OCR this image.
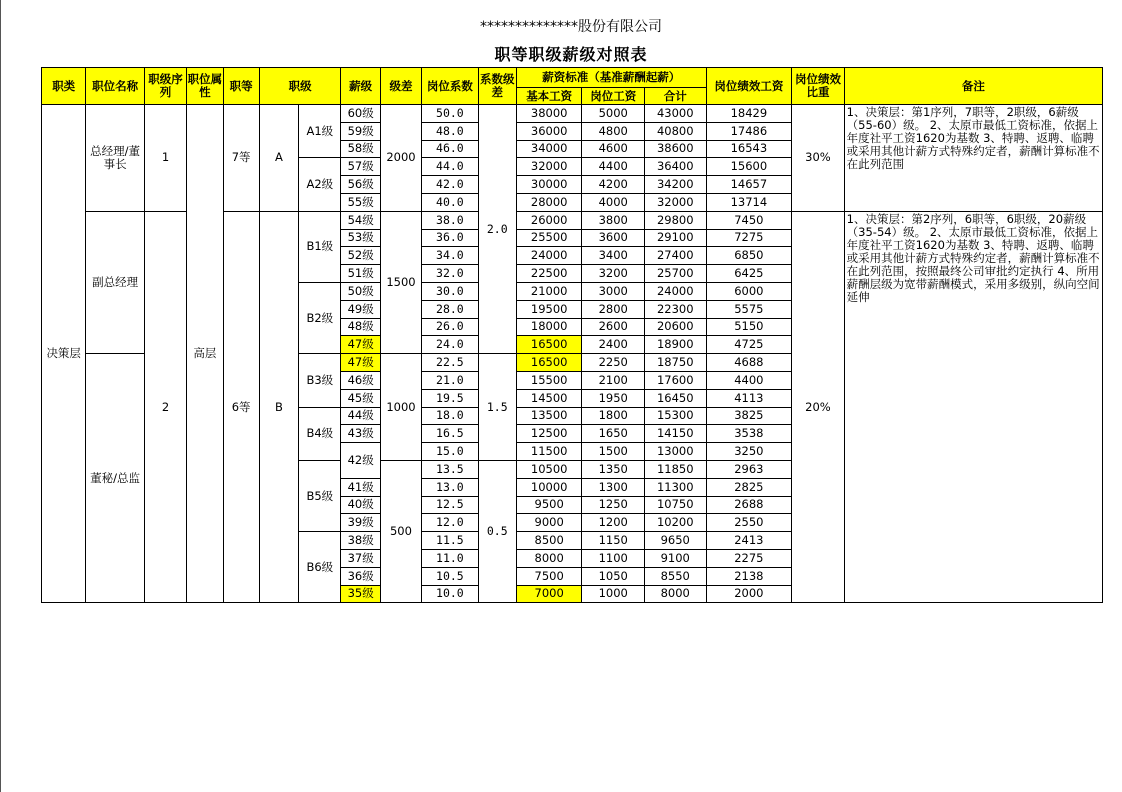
**************股份有限公司
职等职级薪级对照表
职类	职位名称	职级序列	职位属性	职等	职级		薪级	级差	岗位系数	系数级差	薪资标准（基准薪酬起薪）			岗位绩效工资	岗位绩效比重	备注
											基本工资	岗位工资	合计			
决策层	总经理/董事长	1	高层	7等	A	A1级	60级	2000	50.0	2.0	38000	5000	43000	18429	30%	1、决策层：第1序列，7职等，2职级，6薪级（55-60）级。 2、太原市最低工资标准，依据上年度社平工资1620为基数 3、特聘、返聘、临聘或采用其他计薪方式特殊约定者，薪酬计算标准不在此列范围
							59级		48.0		36000	4800	40800	17486		
							58级		46.0		34000	4600	38600	16543		
						A2级	57级		44.0		32000	4400	36400	15600		
							56级		42.0		30000	4200	34200	14657		
							55级		40.0		28000	4000	32000	13714		
	副总经理	2		6等	B	B1级	54级	1500	38.0		26000	3800	29800	7450	20%	1、决策层：第2序列，6职等，6职级，20薪级（35-54）级。 2、太原市最低工资标准，依据上年度社平工资1620为基数 3、特聘、返聘、临聘或采用其他计薪方式特殊约定者，薪酬计算标准不在此列范围，按照最终公司审批约定执行 4、所用薪酬层级为宽带薪酬模式，采用多级别，纵向空间延伸
							53级		36.0		25500	3600	29100	7275		
							52级		34.0		24000	3400	27400	6850		
							51级		32.0		22500	3200	25700	6425		
						B2级	50级		30.0		21000	3000	24000	6000		
							49级		28.0		19500	2800	22300	5575		
							48级		26.0		18000	2600	20600	5150		
							47级		24.0		16500	2400	18900	4725		
	董秘/总监					B3级	47级	1000	22.5	1.5	16500	2250	18750	4688		
							46级		21.0		15500	2100	17600	4400		
							45级		19.5		14500	1950	16450	4113		
						B4级	44级		18.0		13500	1800	15300	3825		
							43级		16.5		12500	1650	14150	3538		
							42级		15.0		11500	1500	13000	3250		
						B5级		500	13.5	0.5	10500	1350	11850	2963		
							41级		13.0		10000	1300	11300	2825		
							40级		12.5		9500	1250	10750	2688		
							39级		12.0		9000	1200	10200	2550		
						B6级	38级		11.5		8500	1150	9650	2413		
							37级		11.0		8000	1100	9100	2275		
							36级		10.5		7500	1050	8550	2138		
							35级		10.0		7000	1000	8000	2000		
